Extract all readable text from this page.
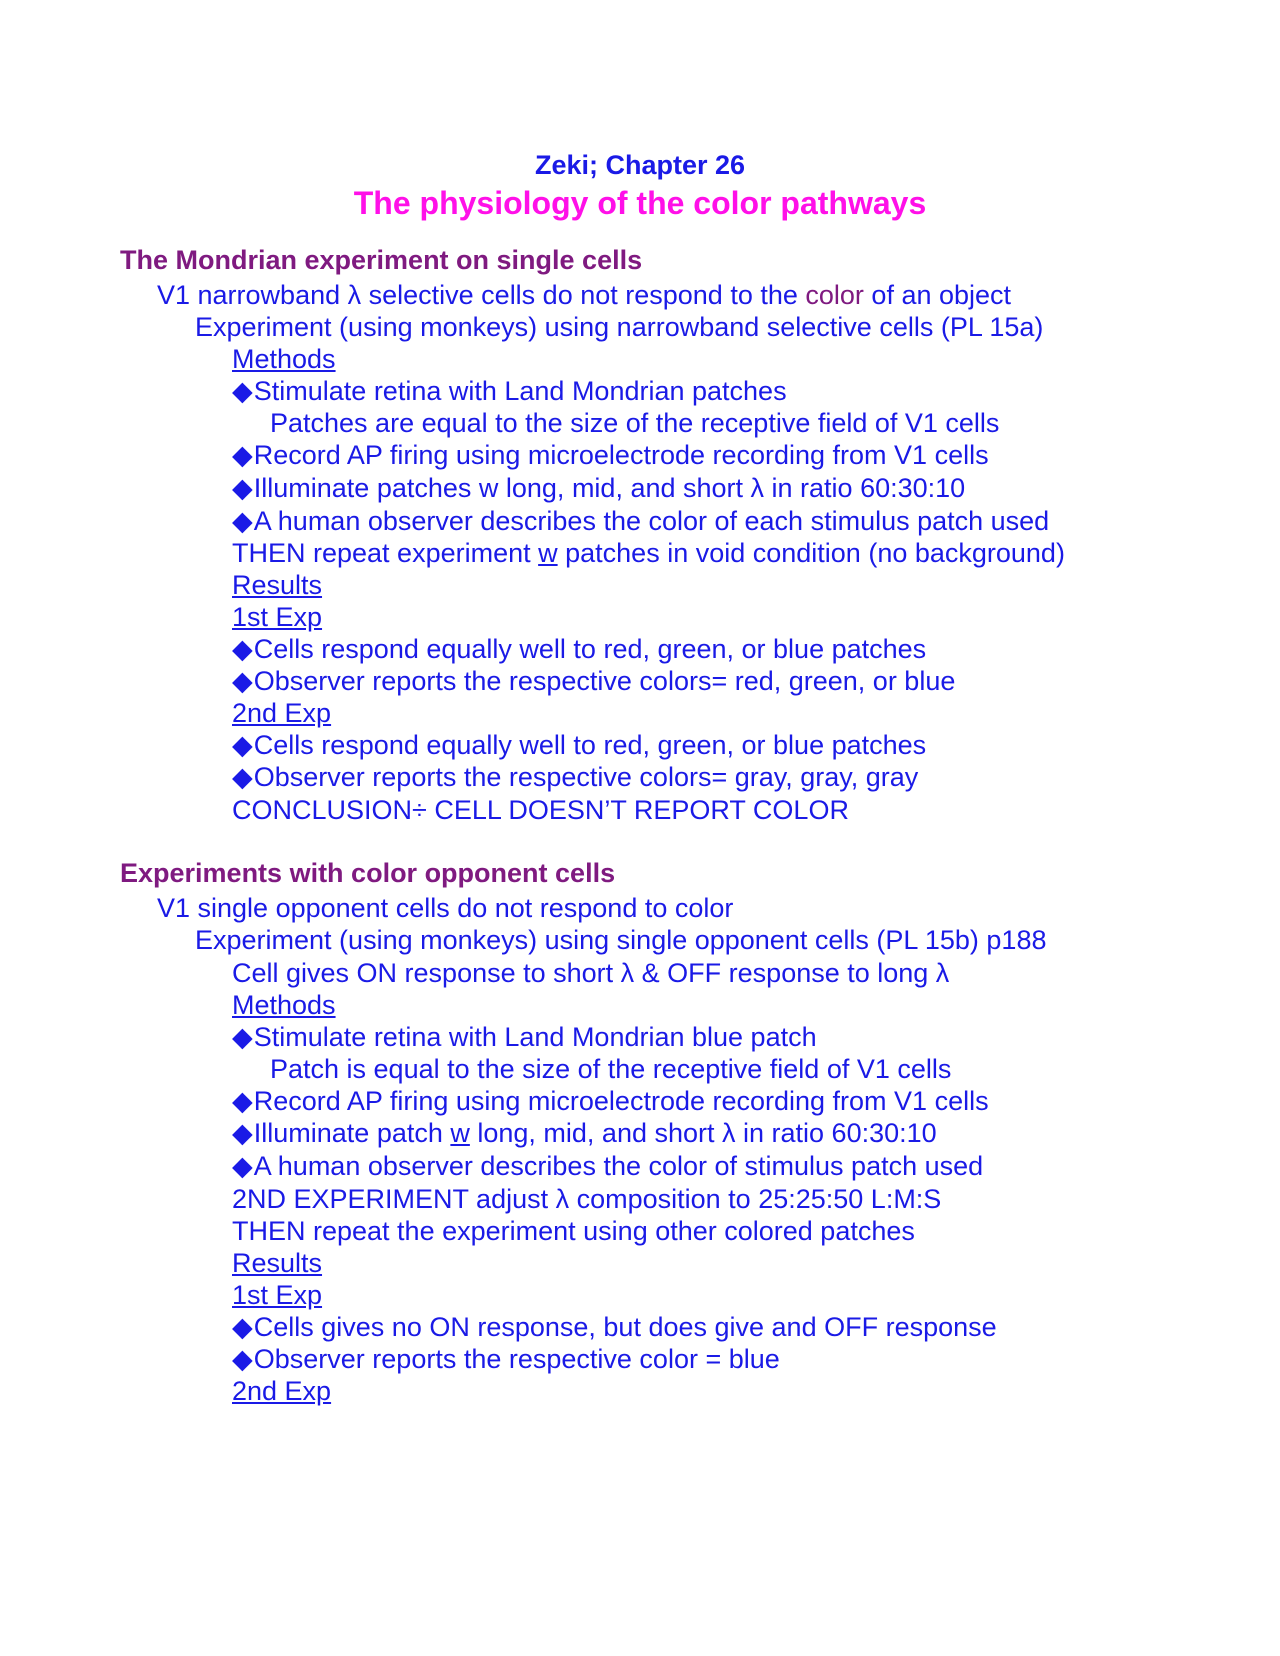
Zeki; Chapter 26
The physiology of the color pathways
The Mondrian experiment on single cells

V1 narrowband λ selective cells do not respond to the color of an object

Experiment (using monkeys) using narrowband selective cells (PL 15a)

Methods

◆Stimulate retina with Land Mondrian patches

Patches are equal to the size of the receptive field of V1 cells

◆Record AP firing using microelectrode recording from V1 cells

◆Illuminate patches w long, mid, and short λ in ratio 60:30:10

◆A human observer describes the color of each stimulus patch used

THEN repeat experiment w patches in void condition (no background)

Results

1st Exp

◆Cells respond equally well to red, green, or blue patches

◆Observer reports the respective colors= red, green, or blue

2nd Exp

◆Cells respond equally well to red, green, or blue patches

◆Observer reports the respective colors= gray, gray, gray

CONCLUSION÷ CELL DOESN’T REPORT COLOR

Experiments with color opponent cells

V1 single opponent cells do not respond to color

Experiment (using monkeys) using single opponent cells (PL 15b) p188

Cell gives ON response to short λ & OFF response to long λ

Methods

◆Stimulate retina with Land Mondrian blue patch

Patch is equal to the size of the receptive field of V1 cells

◆Record AP firing using microelectrode recording from V1 cells

◆Illuminate patch w long, mid, and short λ in ratio 60:30:10

◆A human observer describes the color of stimulus patch used

2ND EXPERIMENT adjust λ composition to 25:25:50 L:M:S

THEN repeat the experiment using other colored patches

Results

1st Exp

◆Cells gives no ON response, but does give and OFF response

◆Observer reports the respective color = blue

2nd Exp
